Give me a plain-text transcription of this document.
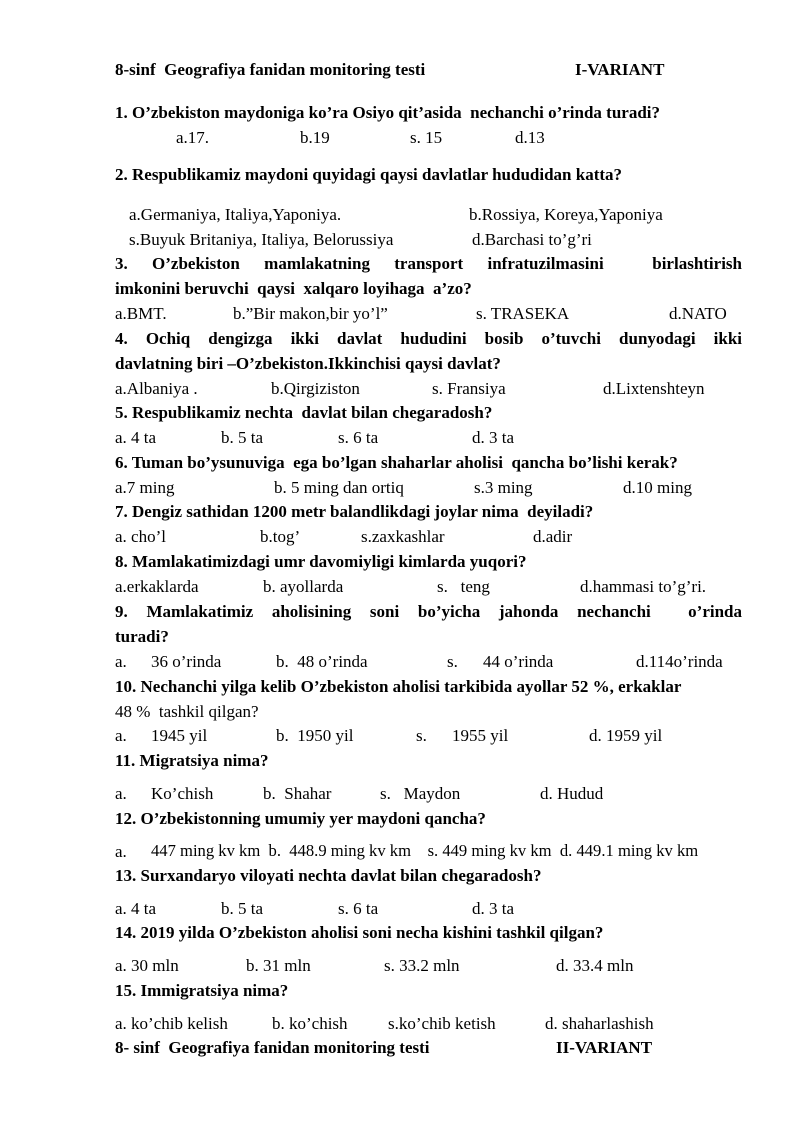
8-sinf  Geografiya fanidan monitoring testi	I-VARIANT
1. O’zbekiston maydoniga ko’ra Osiyo qit’asida  nechanchi o’rinda turadi?
a.17.	b.19	s. 15	d.13
2. Respublikamiz maydoni quyidagi qaysi davlatlar hududidan katta?
a.Germaniya, Italiya,Yaponiya.	b.Rossiya, Koreya,Yaponiya
s.Buyuk Britaniya, Italiya, Belorussiya	d.Barchasi to’g’ri
3.  O’zbekiston  mamlakatning  transport  infratuzilmasini    birlashtirish
imkonini beruvchi  qaysi  xalqaro loyihaga  a’zo?
a.BMT.	b.”Bir makon,bir yo’l”	s. TRASEKA	d.NATO
4.  Ochiq  dengizga  ikki  davlat  hududini  bosib  o’tuvchi  dunyodagi  ikki
davlatning biri –O’zbekiston.Ikkinchisi qaysi davlat?
a.Albaniya .	b.Qirgiziston	s. Fransiya	d.Lixtenshteyn
5. Respublikamiz nechta  davlat bilan chegaradosh?
a. 4 ta	b. 5 ta	s. 6 ta	d. 3 ta
6. Tuman bo’ysunuviga  ega bo’lgan shaharlar aholisi  qancha bo’lishi kerak?
a.7 ming	b. 5 ming dan ortiq	s.3 ming	d.10 ming
7. Dengiz sathidan 1200 metr balandlikdagi joylar nima  deyiladi?
a. cho’l	b.tog’	s.zaxkashlar	d.adir
8. Mamlakatimizdagi umr davomiyligi kimlarda yuqori?
a.erkaklarda	b. ayollarda	s.   teng	d.hammasi to’g’ri.
9.  Mamlakatimiz  aholisining  soni  bo’yicha  jahonda  nechanchi    o’rinda
turadi?
a. 36 o’rinda	b.  48 o’rinda	s. 44 o’rinda	d.114o’rinda
10. Nechanchi yilga kelib O’zbekiston aholisi tarkibida ayollar 52 %, erkaklar
48 %  tashkil qilgan?
a. 1945 yil	b.  1950 yil	s. 1955 yil	d. 1959 yil
11. Migratsiya nima?
a. Ko’chish	b.  Shahar	s.   Maydon	d. Hudud
12. O’zbekistonning umumiy yer maydoni qancha?
a. 447 ming kv km  b.  448.9 ming kv km    s. 449 ming kv km  d. 449.1 ming kv km
13. Surxandaryo viloyati nechta davlat bilan chegaradosh?
a. 4 ta	b. 5 ta	s. 6 ta	d. 3 ta
14. 2019 yilda O’zbekiston aholisi soni necha kishini tashkil qilgan?
a. 30 mln	b. 31 mln	s. 33.2 mln	d. 33.4 mln
15. Immigratsiya nima?
a. ko’chib kelish	b. ko’chish s.ko’chib ketish	d. shaharlashish
8- sinf  Geografiya fanidan monitoring testi	II-VARIANT
